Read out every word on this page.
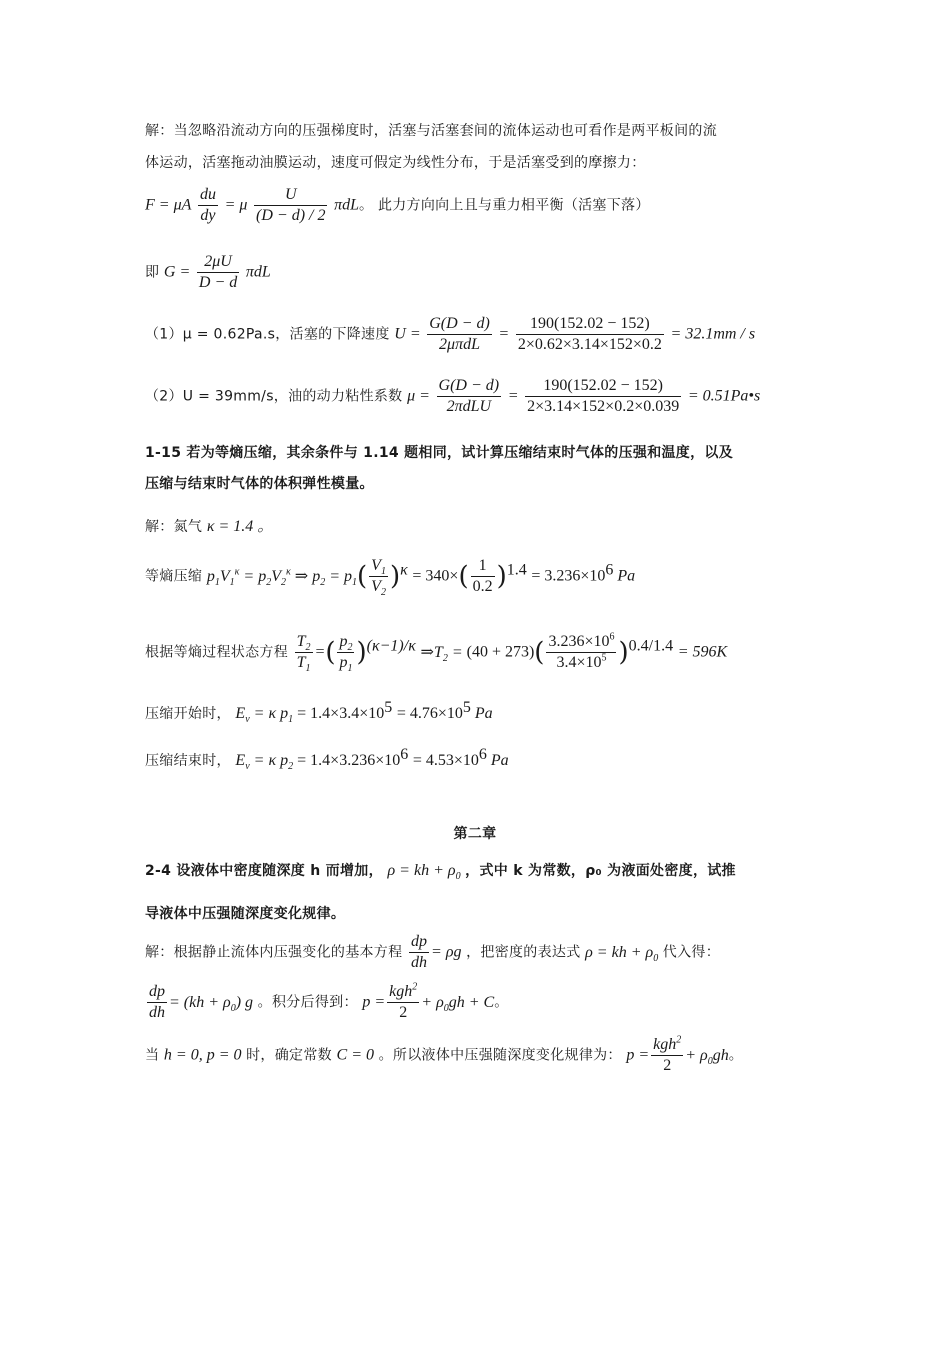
解：当忽略沿流动方向的压强梯度时，活塞与活塞套间的流体运动也可看作是两平板间的流
体运动，活塞拖动油膜运动，速度可假定为线性分布，于是活塞受到的摩擦力：
F = μA $\frac{du}{dy} = \mu \frac{U}{(D - d) / 2}$ πdL。 此力方向向上且与重力相平衡（活塞下落）
即 $G = \frac{2\mu U}{D - d}$ πdL
（1）μ = 0.62Pa.s，活塞的下降速度 $U = \frac{G(D - d)}{\text{2μπdL}} = \frac{190(152.02 - 152)}{2\times 0.62\times 3.14\times 152\times 0.2} = 32.1mm / s$
（2）U = 39mm/s，油的动力粘性系数 $\mu = \frac{G(D - d)}{\text{2πdLU}} = \frac{190(152.02 - 152)}{2\times 3.14\times 152\times 0.2\times 0.039}$ = 0.51Pa•s
1-15 若为等熵压缩，其余条件与 1.14 题相同，试计算压缩结束时气体的压强和温度，以及
压缩与结束时气体的体积弹性模量。
解：氮气 κ = 1.4 。
等熵压缩 $p_1V_1^\kappa = p_2V_2^\kappa$ ⇒ $p_2 = p_1( \frac{V_1}{V_2} )^\kappa = 340\times( \frac{1}{0.2} )^{1.4} = 3.236\times 10^6$ Pa
根据等熵过程状态方程 $\frac{T_2}{T_1}$ =( $\frac{p_2}{p_1} )^{(\kappa-1)/\kappa}$ $\Rightarrow T_2 = (40 + 273)( \frac{3.236\times 10^6}{3.4\times 10^5} )^{0.4/1.4} = 596K$
压缩开始时， $E_v = \kappa$ $p_1 = 1.4\times 3.4\times 10^5 = 4.76\times 10^5$ Pa
压缩结束时， $E_v = \kappa$ $p_2 = 1.4\times 3.236\times 10^6 = 4.53\times 10^6$ Pa
第二章
2-4 设液体中密度随深度 h 而增加， ρ = kh + $\rho_0$ ，式中 k 为常数，ρ₀ 为液面处密度，试推
导液体中压强随深度变化规律。
解：根据静止流体内压强变化的基本方程 $\frac{dp}{dh} = \rho g$ ，把密度的表达式 ρ = kh + $\rho_0$ 代入得：
$\frac{dp}{dh} = (kh + \rho_0)$ g 。积分后得到： $p = \frac{kgh^2}{2} + \rho_0gh + C$。
当 h = 0, p = 0 时，确定常数 C = 0 。所以液体中压强随深度变化规律为： $p = \frac{kgh^2}{2} + \rho_0gh$。
